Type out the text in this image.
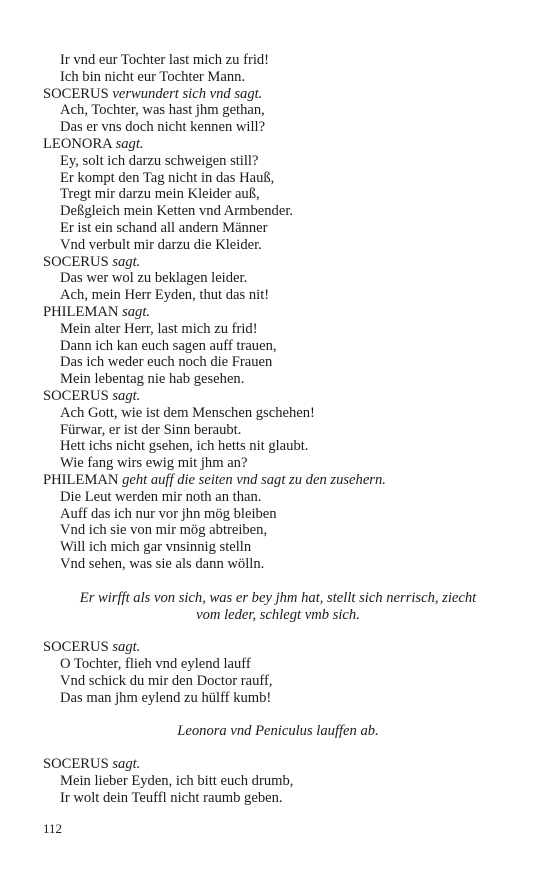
Ir vnd eur Tochter last mich zu frid!
Ich bin nicht eur Tochter Mann.
SOCERUS verwundert sich vnd sagt.
Ach, Tochter, was hast jhm gethan,
Das er vns doch nicht kennen will?
LEONORA sagt.
Ey, solt ich darzu schweigen still?
Er kompt den Tag nicht in das Hauß,
Tregt mir darzu mein Kleider auß,
Deßgleich mein Ketten vnd Armbender.
Er ist ein schand all andern Männer
Vnd verbult mir darzu die Kleider.
SOCERUS sagt.
Das wer wol zu beklagen leider.
Ach, mein Herr Eyden, thut das nit!
PHILEMAN sagt.
Mein alter Herr, last mich zu frid!
Dann ich kan euch sagen auff trauen,
Das ich weder euch noch die Frauen
Mein lebentag nie hab gesehen.
SOCERUS sagt.
Ach Gott, wie ist dem Menschen gschehen!
Fürwar, er ist der Sinn beraubt.
Hett ichs nicht gsehen, ich hetts nit glaubt.
Wie fang wirs ewig mit jhm an?
PHILEMAN geht auff die seiten vnd sagt zu den zusehern.
Die Leut werden mir noth an than.
Auff das ich nur vor jhn mög bleiben
Vnd ich sie von mir mög abtreiben,
Will ich mich gar vnsinnig stelln
Vnd sehen, was sie als dann wölln.
Er wirfft als von sich, was er bey jhm hat, stellt sich nerrisch, ziecht
vom leder, schlegt vmb sich.
SOCERUS sagt.
O Tochter, flieh vnd eylend lauff
Vnd schick du mir den Doctor rauff,
Das man jhm eylend zu hülff kumb!
Leonora vnd Peniculus lauffen ab.
SOCERUS sagt.
Mein lieber Eyden, ich bitt euch drumb,
Ir wolt dein Teuffl nicht raumb geben.
112
